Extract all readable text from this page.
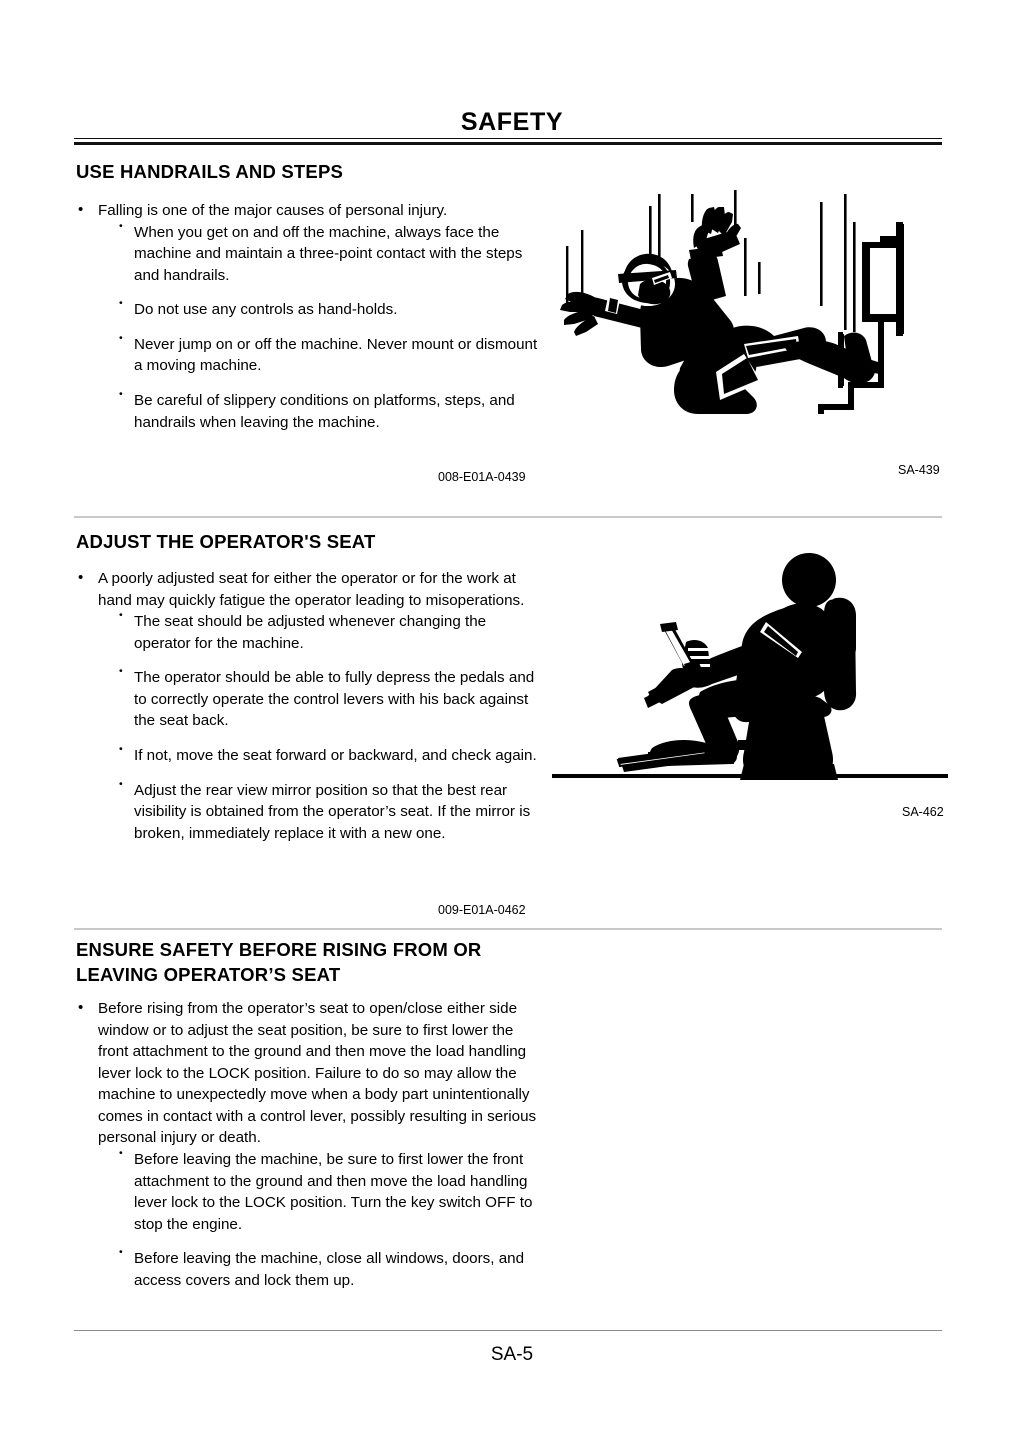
SAFETY
USE HANDRAILS AND STEPS
• Falling is one of the major causes of personal injury.
• When you get on and off the machine, always face the machine and maintain a three-point contact with the steps and handrails.
• Do not use any controls as hand-holds.
• Never jump on or off the machine. Never mount or dismount a moving machine.
• Be careful of slippery conditions on platforms, steps, and handrails when leaving the machine.
008-E01A-0439	SA-439
ADJUST THE OPERATOR'S SEAT
• A poorly adjusted seat for either the operator or for the work at hand may quickly fatigue the operator leading to misoperations.
• The seat should be adjusted whenever changing the operator for the machine.
• The operator should be able to fully depress the pedals and to correctly operate the control levers with his back against the seat back.
• If not, move the seat forward or backward, and check again.
• Adjust the rear view mirror position so that the best rear visibility is obtained from the operator’s seat. If the mirror is broken, immediately replace it with a new one.
SA-462
009-E01A-0462
ENSURE SAFETY BEFORE RISING FROM OR LEAVING OPERATOR’S SEAT
• Before rising from the operator’s seat to open/close either side window or to adjust the seat position, be sure to first lower the front attachment to the ground and then move the load handling lever lock to the LOCK position. Failure to do so may allow the machine to unexpectedly move when a body part unintentionally comes in contact with a control lever, possibly resulting in serious personal injury or death.
• Before leaving the machine, be sure to first lower the front attachment to the ground and then move the load handling lever lock to the LOCK position. Turn the key switch OFF to stop the engine.
• Before leaving the machine, close all windows, doors, and access covers and lock them up.
SA-5
